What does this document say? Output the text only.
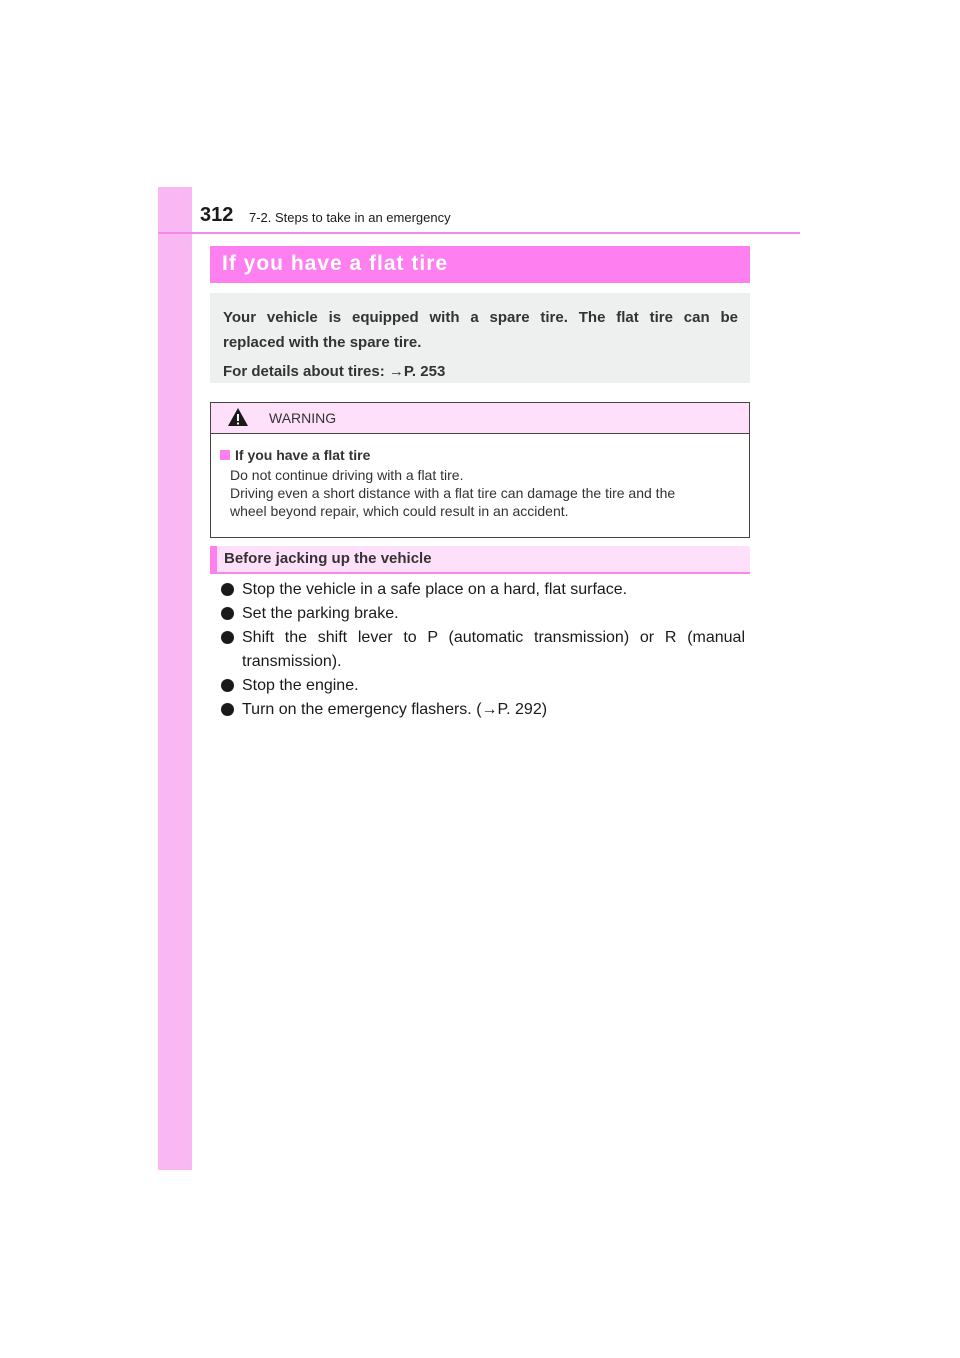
312 7-2. Steps to take in an emergency
If you have a flat tire
Your vehicle is equipped with a spare tire. The flat tire can be

replaced with the spare tire.

For details about tires: →P. 253
WARNING
If you have a flat tire
Do not continue driving with a flat tire.
Driving even a short distance with a flat tire can damage the tire and the
wheel beyond repair, which could result in an accident.
Before jacking up the vehicle
Stop the vehicle in a safe place on a hard, flat surface.
Set the parking brake.
Shift the shift lever to P (automatic transmission) or R (manual
transmission).
Stop the engine.
Turn on the emergency flashers. (→P. 292)
